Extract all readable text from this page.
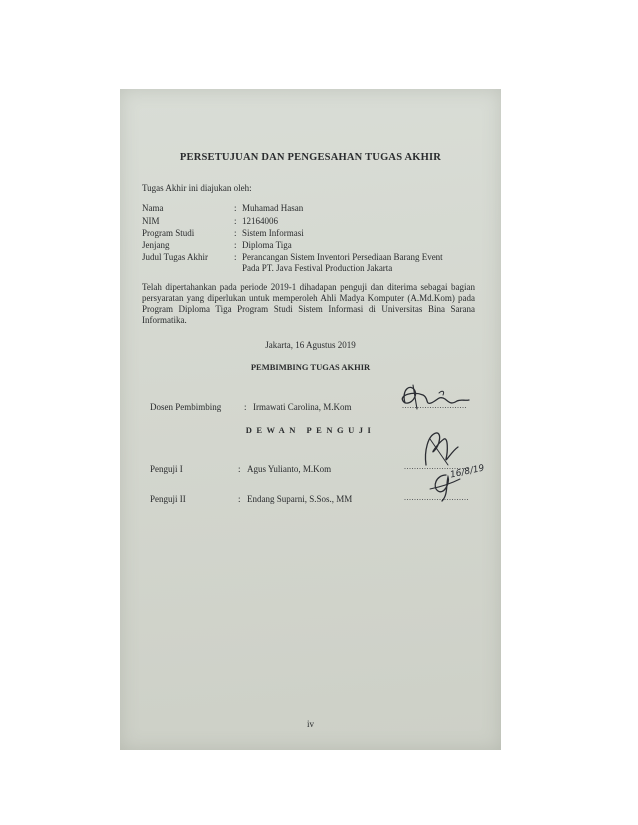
PERSETUJUAN DAN PENGESAHAN TUGAS AKHIR
Tugas Akhir ini diajukan oleh:
Nama	: Muhamad Hasan
NIM	: 12164006
Program Studi	: Sistem Informasi
Jenjang	: Diploma Tiga
Judul Tugas Akhir	: Perancangan Sistem Inventori Persediaan Barang Event
Pada PT. Java Festival Production Jakarta
Telah dipertahankan pada periode 2019-1 dihadapan penguji dan diterima sebagai bagian persyaratan yang diperlukan untuk memperoleh Ahli Madya Komputer (A.Md.Kom) pada Program Diploma Tiga Program Studi Sistem Informasi di Universitas Bina Sarana Informatika.
Jakarta, 16 Agustus 2019
PEMBIMBING TUGAS AKHIR
Dosen Pembimbing	: Irmawati Carolina, M.Kom	..........................
DEWAN PENGUJI
Penguji I	: Agus Yulianto, M.Kom	..........................
Penguji II	: Endang Suparni, S.Sos., MM	..........................
16/8/19
iv
